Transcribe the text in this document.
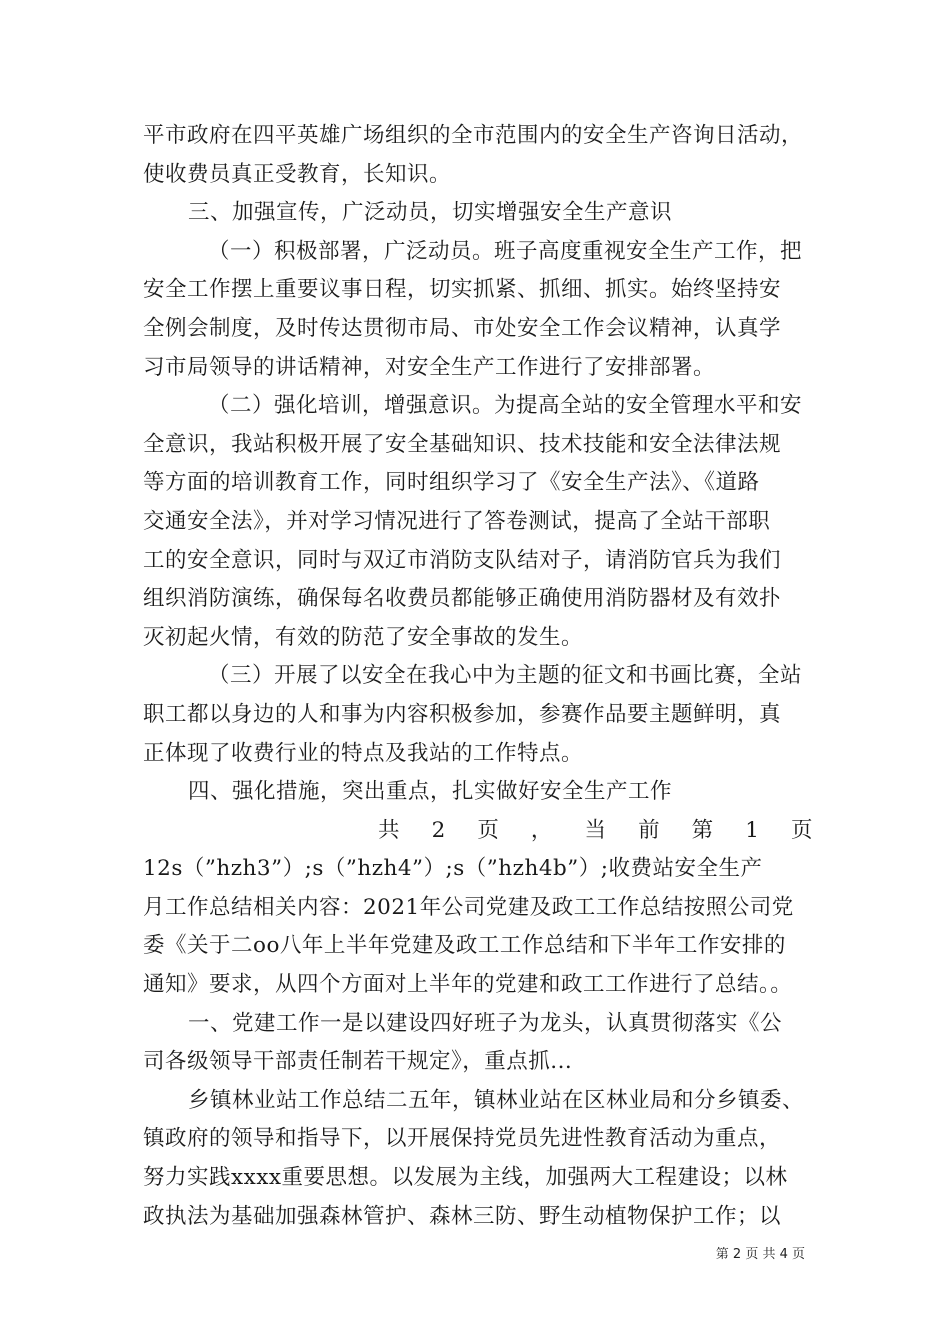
平市政府在四平英雄广场组织的全市范围内的安全生产咨询日活动，
使收费员真正受教育，长知识。
三、加强宣传，广泛动员，切实增强安全生产意识
（一）积极部署，广泛动员。班子高度重视安全生产工作，把
安全工作摆上重要议事日程，切实抓紧、抓细、抓实。始终坚持安
全例会制度，及时传达贯彻市局、市处安全工作会议精神，认真学
习市局领导的讲话精神，对安全生产工作进行了安排部署。
（二）强化培训，增强意识。为提高全站的安全管理水平和安
全意识，我站积极开展了安全基础知识、技术技能和安全法律法规
等方面的培训教育工作，同时组织学习了《安全生产法》、《道路
交通安全法》，并对学习情况进行了答卷测试，提高了全站干部职
工的安全意识，同时与双辽市消防支队结对子，请消防官兵为我们
组织消防演练，确保每名收费员都能够正确使用消防器材及有效扑
灭初起火情，有效的防范了安全事故的发生。
（三）开展了以安全在我心中为主题的征文和书画比赛，全站
职工都以身边的人和事为内容积极参加，参赛作品要主题鲜明，真
正体现了收费行业的特点及我站的工作特点。
四、强化措施，突出重点，扎实做好安全生产工作
共 2 页 ， 当 前 第 1 页
12s（”hzh3”）;s（”hzh4”）;s（”hzh4b”）;收费站安全生产
月工作总结相关内容：2021年公司党建及政工工作总结按照公司党
委《关于二oo八年上半年党建及政工工作总结和下半年工作安排的
通知》要求，从四个方面对上半年的党建和政工工作进行了总结。。
一、党建工作一是以建设四好班子为龙头，认真贯彻落实《公
司各级领导干部责任制若干规定》，重点抓...
乡镇林业站工作总结二五年，镇林业站在区林业局和分乡镇委、
镇政府的领导和指导下，以开展保持党员先进性教育活动为重点，
努力实践xxxx重要思想。以发展为主线，加强两大工程建设；以林
政执法为基础加强森林管护、森林三防、野生动植物保护工作；以
第 2 页 共 4 页
